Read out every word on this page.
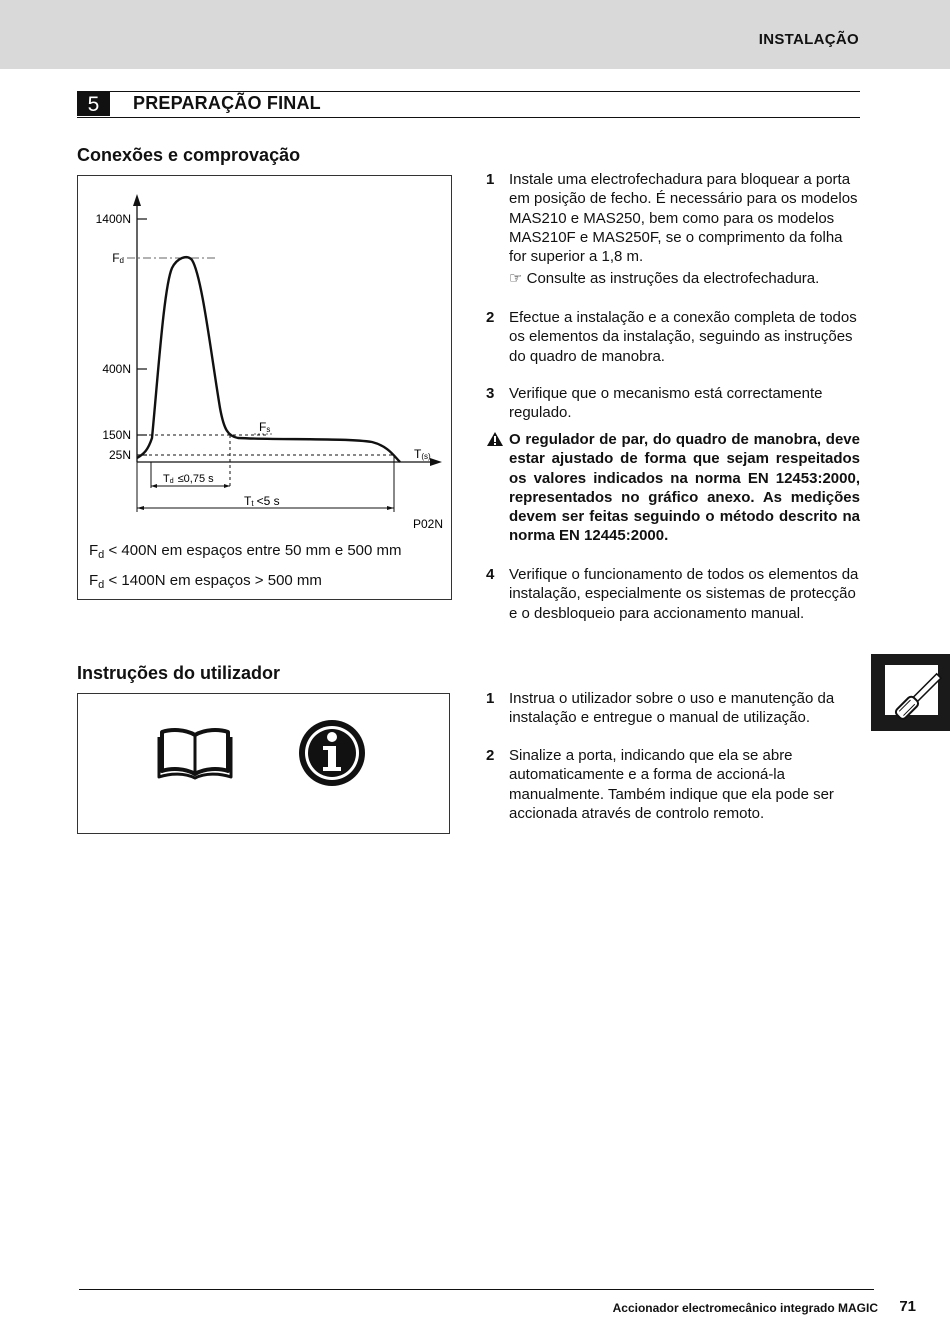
INSTALAÇÃO
5	PREPARAÇÃO FINAL
Conexões e comprovação
1400N
Fd
400N
150N
25N
Fs
T(s)
Td ≤0,75 s
Tt <5 s
P02N
$F_d < 400N$ em espaços entre 50 mm e 500 mm
$F_d < 1400N$ em espaços > 500 mm
1 Instale uma electrofechadura para bloquear a porta em posição de fecho. É necessário para os modelos MAS210 e MAS250, bem como para os modelos MAS210F e MAS250F, se o comprimento da folha for superior a 1,8 m.
☞ Consulte as instruções da electrofechadura.
2 Efectue a instalação e a conexão completa de todos os elementos da instalação, seguindo as instruções do quadro de manobra.
3 Verifique que o mecanismo está correctamente regulado.
O regulador de par, do quadro de manobra, deve estar ajustado de forma que sejam respeitados os valores indicados na norma EN 12453:2000, representados no gráfico anexo. As medições devem ser feitas seguindo o método descrito na norma EN 12445:2000.
4 Verifique o funcionamento de todos os elementos da instalação, especialmente os sistemas de protecção e o desbloqueio para accionamento manual.
Instruções do utilizador
1 Instrua o utilizador sobre o uso e manutenção da instalação e entregue o manual de utilização.
2 Sinalize a porta, indicando que ela se abre automaticamente e a forma de accioná-la manualmente. Também indique que ela pode ser accionada através de controlo remoto.
Accionador electromecânico integrado MAGIC 71
